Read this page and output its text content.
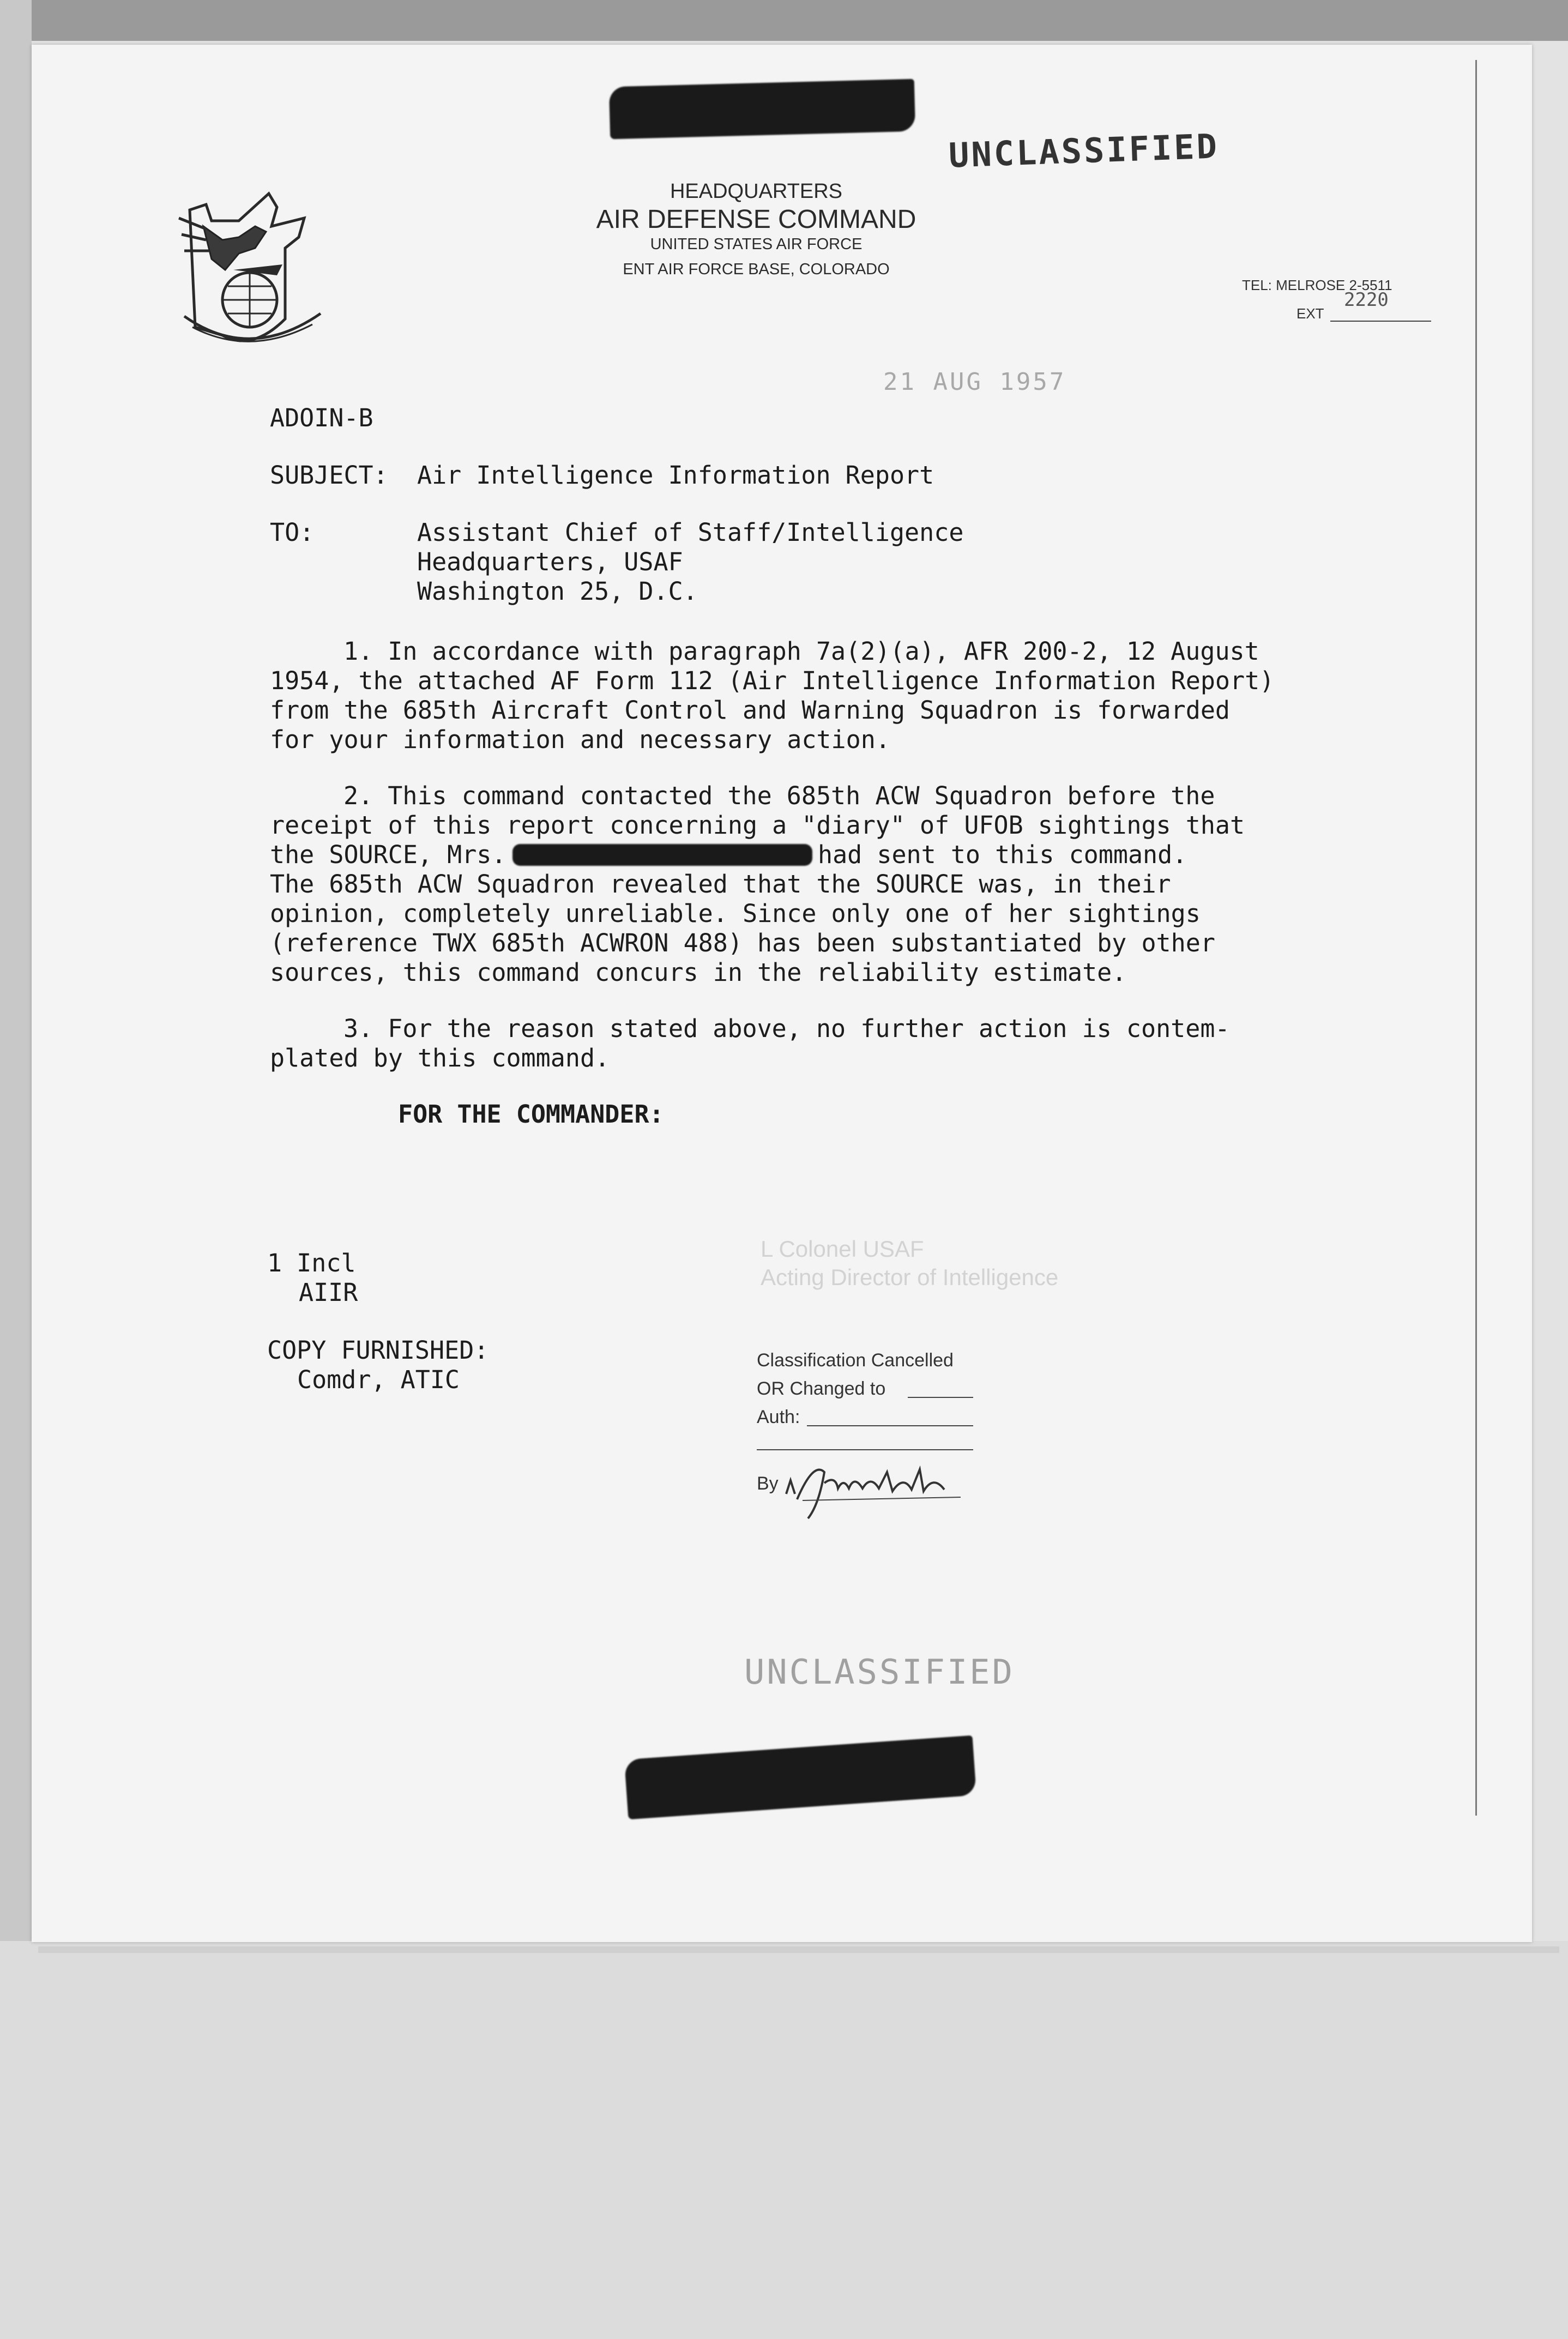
UNCLASSIFIED
HEADQUARTERS
AIR DEFENSE COMMAND
UNITED STATES AIR FORCE
ENT AIR FORCE BASE, COLORADO
TEL: MELROSE 2-5511
EXT
2220
21 AUG 1957
ADOIN-B
SUBJECT: Air Intelligence Information Report
TO:	Assistant Chief of Staff/Intelligence
Headquarters, USAF
Washington 25, D.C.
1. In accordance with paragraph 7a(2)(a), AFR 200-2, 12 August
1954, the attached AF Form 112 (Air Intelligence Information Report)
from the 685th Aircraft Control and Warning Squadron is forwarded
for your information and necessary action.
2. This command contacted the 685th ACW Squadron before the
receipt of this report concerning a "diary" of UFOB sightings that
the SOURCE, Mrs.	had sent to this command.
The 685th ACW Squadron revealed that the SOURCE was, in their
opinion, completely unreliable. Since only one of her sightings
(reference TWX 685th ACWRON 488) has been substantiated by other
sources, this command concurs in the reliability estimate.
3. For the reason stated above, no further action is contem-
plated by this command.
FOR THE COMMANDER:
L Colonel USAF
Acting Director of Intelligence
1 Incl
AIIR
COPY FURNISHED:
Comdr, ATIC
Classification Cancelled
OR Changed to
Auth:
By
UNCLASSIFIED
